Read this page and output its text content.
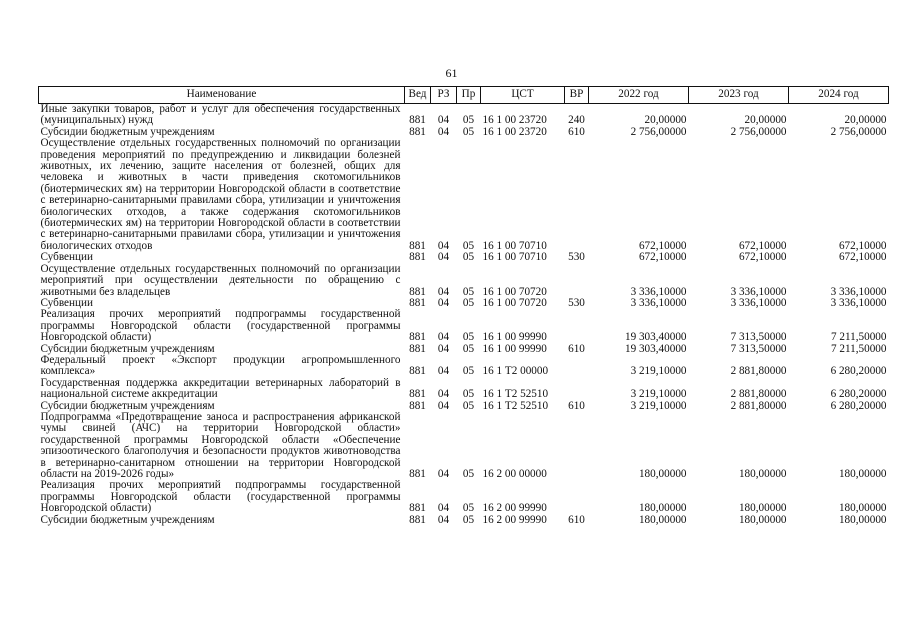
61
Наименование	Вед	РЗ	Пр	ЦСТ	ВР	2022 год	2023 год	2024 год
Иные закупки товаров, работ и услуг для обеспечения государственных (муниципальных) нужд	881	04	05	16 1 00 23720	240	20,00000	20,00000	20,00000
Субсидии бюджетным учреждениям	881	04	05	16 1 00 23720	610	2 756,00000	2 756,00000	2 756,00000
Осуществление отдельных государственных полномочий по организации проведения мероприятий по предупреждению и ликвидации болезней животных, их лечению, защите населения от болезней, общих для человека и животных в части приведения скотомогильников (биотермических ям) на территории Новгородской области в соответствие с ветеринарно-санитарными правилами сбора, утилизации и уничтожения биологических отходов, а также содержания скотомогильников (биотермических ям) на территории Новгородской области в соответствии с ветеринарно-санитарными правилами сбора, утилизации и уничтожения биологических отходов	881	04	05	16 1 00 70710		672,10000	672,10000	672,10000
Субвенции	881	04	05	16 1 00 70710	530	672,10000	672,10000	672,10000
Осуществление отдельных государственных полномочий по организации мероприятий при осуществлении деятельности по обращению с животными без владельцев	881	04	05	16 1 00 70720		3 336,10000	3 336,10000	3 336,10000
Субвенции	881	04	05	16 1 00 70720	530	3 336,10000	3 336,10000	3 336,10000
Реализация прочих мероприятий подпрограммы государственной программы Новгородской области (государственной программы Новгородской области)	881	04	05	16 1 00 99990		19 303,40000	7 313,50000	7 211,50000
Субсидии бюджетным учреждениям	881	04	05	16 1 00 99990	610	19 303,40000	7 313,50000	7 211,50000
Федеральный проект «Экспорт продукции агропромышленного комплекса»	881	04	05	16 1 Т2 00000		3 219,10000	2 881,80000	6 280,20000
Государственная поддержка аккредитации ветеринарных лабораторий в национальной системе аккредитации	881	04	05	16 1 Т2 52510		3 219,10000	2 881,80000	6 280,20000
Субсидии бюджетным учреждениям	881	04	05	16 1 Т2 52510	610	3 219,10000	2 881,80000	6 280,20000
Подпрограмма «Предотвращение заноса и распространения африканской чумы свиней (АЧС) на территории Новгородской области» государственной программы Новгородской области «Обеспечение эпизоотического благополучия и безопасности продуктов животноводства в ветеринарно-санитарном отношении на территории Новгородской области на 2019-2026 годы»	881	04	05	16 2 00 00000		180,00000	180,00000	180,00000
Реализация прочих мероприятий подпрограммы государственной программы Новгородской области (государственной программы Новгородской области)	881	04	05	16 2 00 99990		180,00000	180,00000	180,00000
Субсидии бюджетным учреждениям	881	04	05	16 2 00 99990	610	180,00000	180,00000	180,00000
